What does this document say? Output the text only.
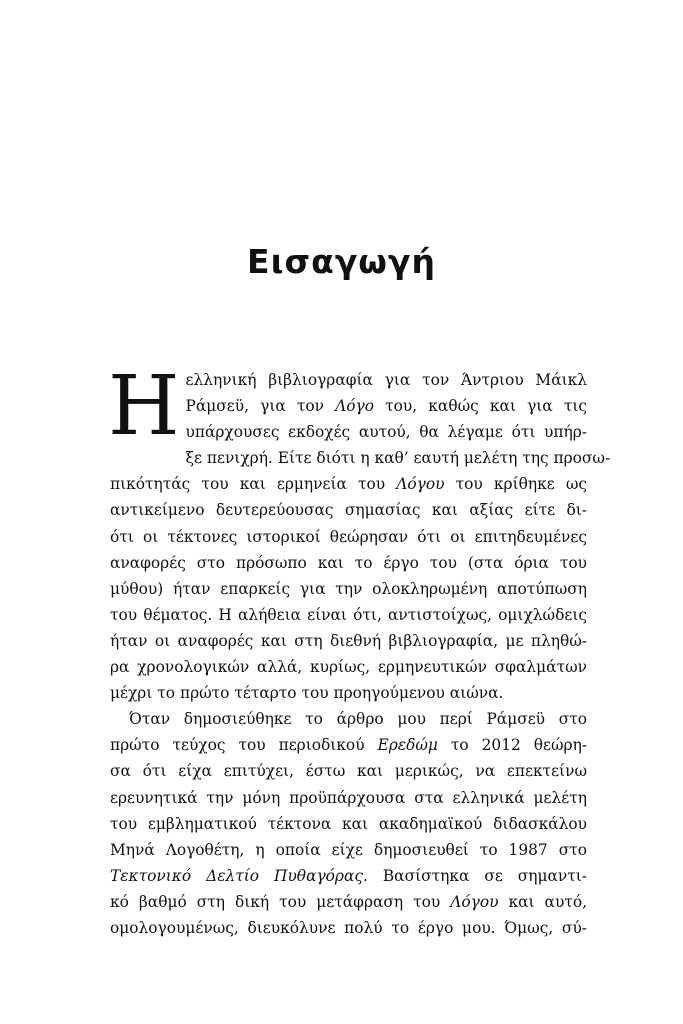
Εισαγωγή
Η ελληνική βιβλιογραφία για τον Άντριου Μάικλ
Ράμσεϋ, για τον Λόγο του, καθώς και για τις
υπάρχουσες εκδοχές αυτού, θα λέγαμε ότι υπήρ-
ξε πενιχρή. Είτε διότι η καθ’ εαυτή μελέτη της προσω-
πικότητάς του και ερμηνεία του Λόγου του κρίθηκε ως
αντικείμενο δευτερεύουσας σημασίας και αξίας είτε δι-
ότι οι τέκτονες ιστορικοί θεώρησαν ότι οι επιτηδευμένες
αναφορές στο πρόσωπο και το έργο του (στα όρια του
μύθου) ήταν επαρκείς για την ολοκληρωμένη αποτύπωση
του θέματος. Η αλήθεια είναι ότι, αντιστοίχως, ομιχλώδεις
ήταν οι αναφορές και στη διεθνή βιβλιογραφία, με πληθώ-
ρα χρονολογικών αλλά, κυρίως, ερμηνευτικών σφαλμάτων
μέχρι το πρώτο τέταρτο του προηγούμενου αιώνα.
Όταν δημοσιεύθηκε το άρθρο μου περί Ράμσεϋ στο
πρώτο τεύχος του περιοδικού Ερεδώμ το 2012 θεώρη-
σα ότι είχα επιτύχει, έστω και μερικώς, να επεκτείνω
ερευνητικά την μόνη προϋπάρχουσα στα ελληνικά μελέτη
του εμβληματικού τέκτονα και ακαδημαϊκού διδασκάλου
Μηνά Λογοθέτη, η οποία είχε δημοσιευθεί το 1987 στο
Τεκτονικό Δελτίο Πυθαγόρας. Βασίστηκα σε σημαντι-
κό βαθμό στη δική του μετάφραση του Λόγου και αυτό,
ομολογουμένως, διευκόλυνε πολύ το έργο μου. Όμως, σύ-
